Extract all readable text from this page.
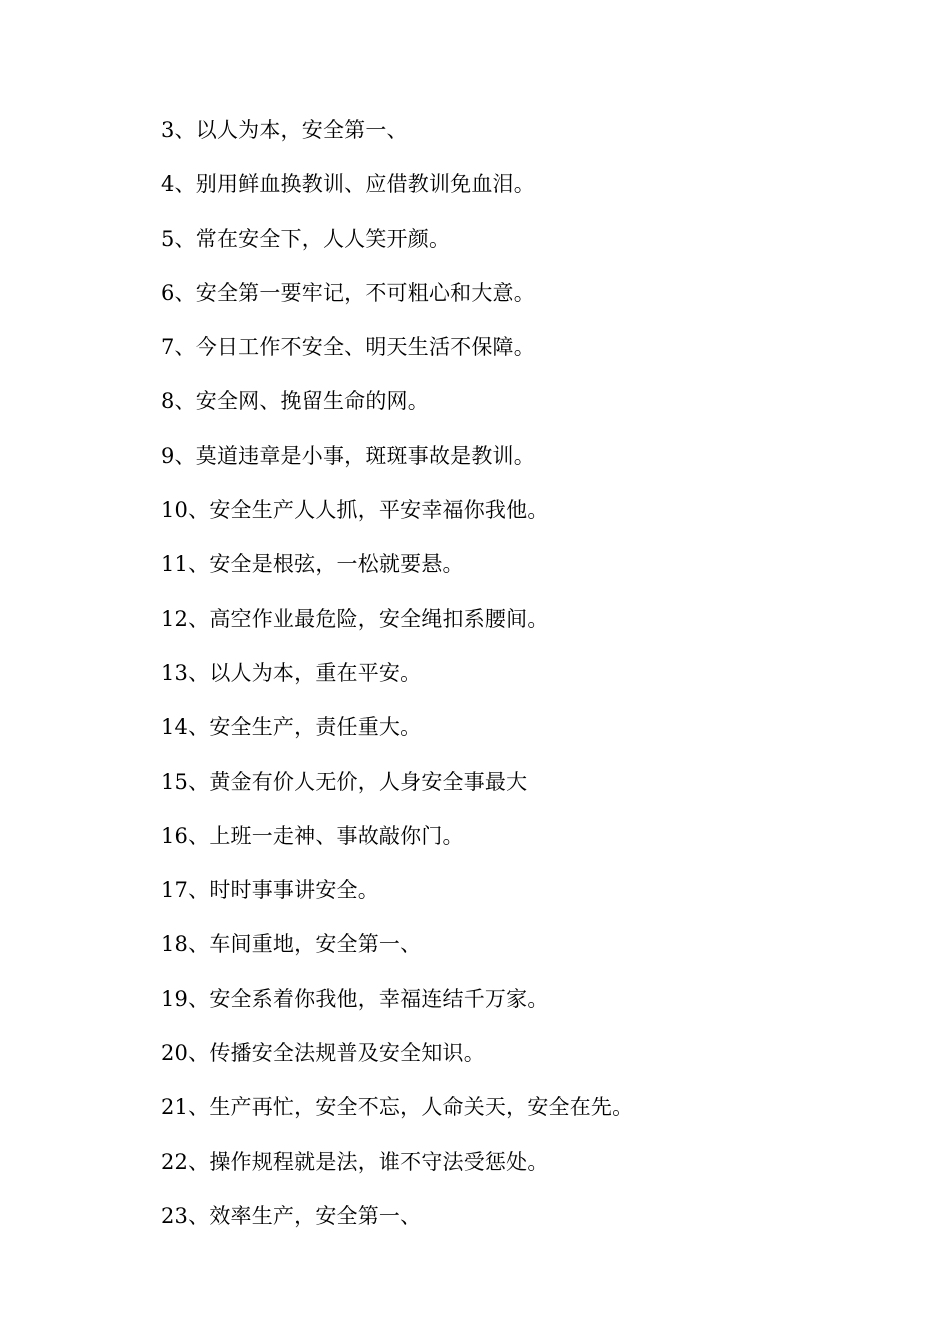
3、以人为本，安全第一、
4、别用鲜血换教训、应借教训免血泪。
5、常在安全下，人人笑开颜。
6、安全第一要牢记，不可粗心和大意。
7、今日工作不安全、明天生活不保障。
8、安全网、挽留生命的网。
9、莫道违章是小事，斑斑事故是教训。
10、安全生产人人抓，平安幸福你我他。
11、安全是根弦，一松就要悬。
12、高空作业最危险，安全绳扣系腰间。
13、以人为本，重在平安。
14、安全生产，责任重大。
15、黄金有价人无价，人身安全事最大
16、上班一走神、事故敲你门。
17、时时事事讲安全。
18、车间重地，安全第一、
19、安全系着你我他，幸福连结千万家。
20、传播安全法规普及安全知识。
21、生产再忙，安全不忘，人命关天，安全在先。
22、操作规程就是法，谁不守法受惩处。
23、效率生产，安全第一、
